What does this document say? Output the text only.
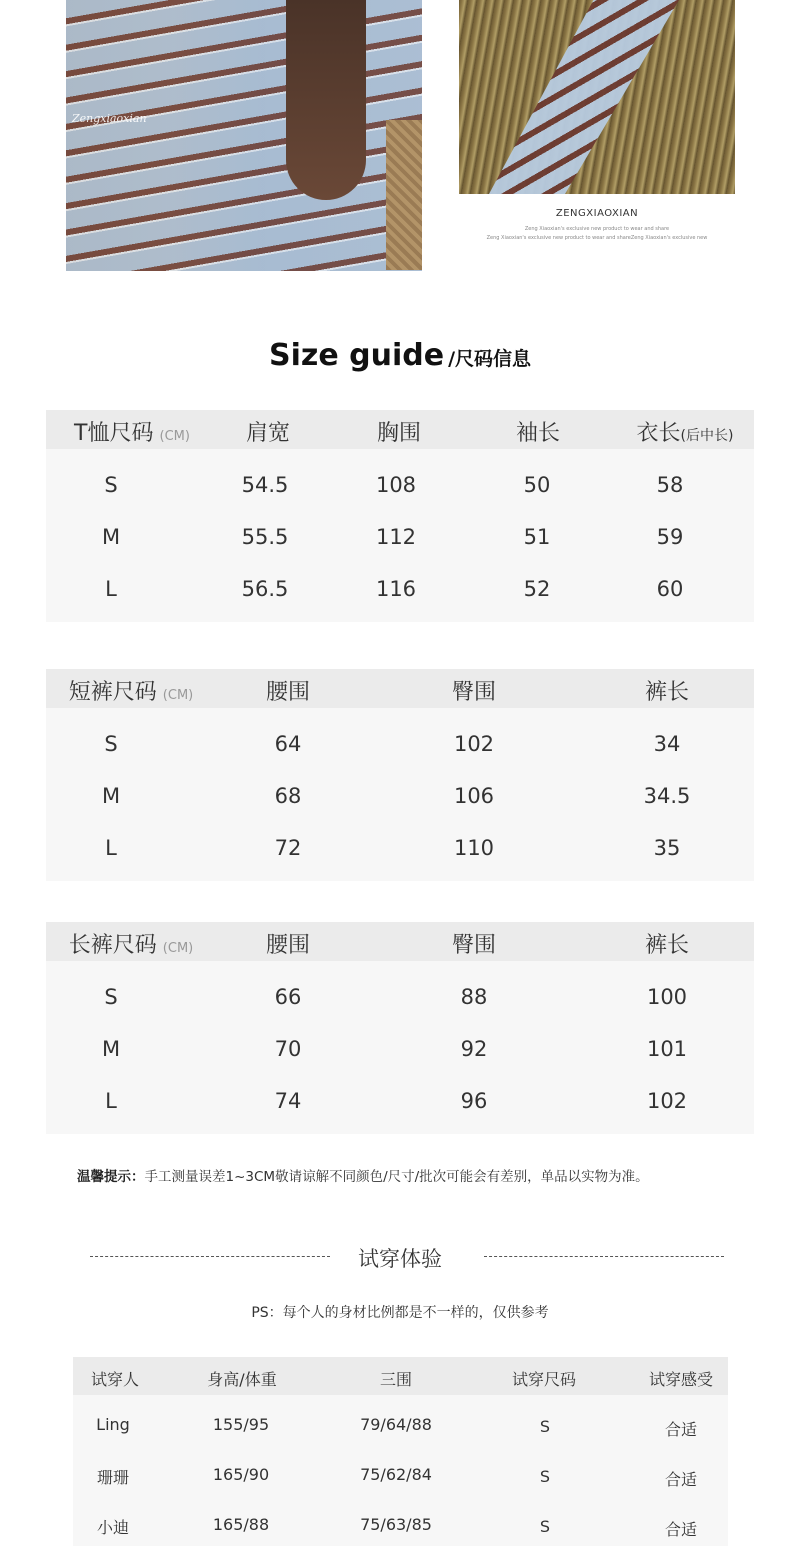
Zengxiaoxian
ZENGXIAOXIAN
Zeng Xiaoxian's exclusive new product to wear and share
Zeng Xiaoxian's exclusive new product to wear and shareZeng Xiaoxian's exclusive new
Size guide /尺码信息
T恤尺码 (CM)	肩宽	胸围	袖长	衣长(后中长)
S	54.5	108	50	58
M	55.5	112	51	59
L	56.5	116	52	60
短裤尺码 (CM)	腰围	臀围	裤长
S	64	102	34
M	68	106	34.5
L	72	110	35
长裤尺码 (CM)	腰围	臀围	裤长
S	66	88	100
M	70	92	101
L	74	96	102
温馨提示：手工测量误差1~3CM敬请谅解不同颜色/尺寸/批次可能会有差别，单品以实物为准。
试穿体验
PS：每个人的身材比例都是不一样的，仅供参考
试穿人	身高/体重	三围	试穿尺码	试穿感受
Ling	155/95	79/64/88	S	合适
珊珊	165/90	75/62/84	S	合适
小迪	165/88	75/63/85	S	合适
